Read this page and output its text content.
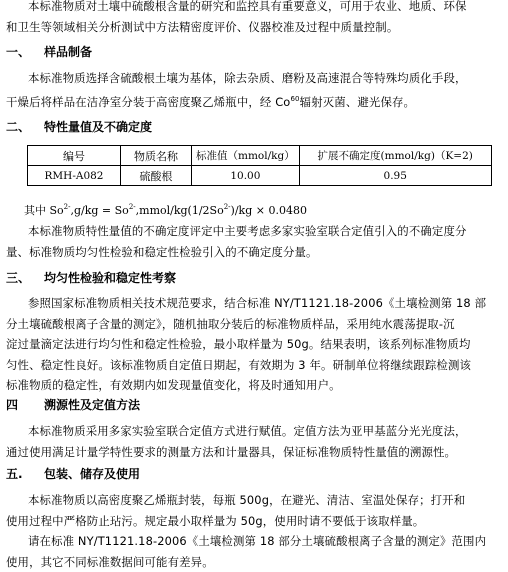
本标准物质对土壤中硫酸根含量的研究和监控具有重要意义，可用于农业、地质、环保
和卫生等领域相关分析测试中方法精密度评价、仪器校准及过程中质量控制。

一、 样品制备

本标准物质选择含硫酸根土壤为基体，除去杂质、磨粉及高速混合等特殊均质化手段，
干燥后将样品在洁净室分装于高密度聚乙烯瓶中，经 Co$^{60}$辐射灭菌、避光保存。

二、 特性量值及不确定度
编号	物质名称	标准值（mmol/kg）	扩展不确定度(mmol/kg)（K=2)
RMH-A082	硫酸根	10.00	0.95
其中 $So^{2-},g/kg$ = $So^{2-},mmol/kg(1/2So^{2-})/kg \times 0.0480$

本标准物质特性量值的不确定度评定中主要考虑多家实验室联合定值引入的不确定度分
量、标准物质均匀性检验和稳定性检验引入的不确定度分量。

三、 均匀性检验和稳定性考察

参照国家标准物质相关技术规范要求，结合标准 NY/T1121.18-2006《土壤检测第 18 部
分土壤硫酸根离子含量的测定》，随机抽取分装后的标准物质样品，采用纯水震荡提取-沉
淀过量滴定法进行均匀性和稳定性检验，最小取样量为 50g。结果表明，该系列标准物质均
匀性、稳定性良好。该标准物质自定值日期起，有效期为 3 年。研制单位将继续跟踪检测该
标准物质的稳定性，有效期内如发现量值变化，将及时通知用户。

四 溯源性及定值方法

本标准物质采用多家实验室联合定值方式进行赋值。定值方法为亚甲基蓝分光光度法，
通过使用满足计量学特性要求的测量方法和计量器具，保证标准物质特性量值的溯源性。

五. 包装、储存及使用

本标准物质以高密度聚乙烯瓶封装，每瓶 500g，在避光、清洁、室温处保存；打开和
使用过程中严格防止玷污。规定最小取样量为 50g，使用时请不要低于该取样量。
请在标准 NY/T1121.18-2006《土壤检测第 18 部分土壤硫酸根离子含量的测定》范围内
使用，其它不同标准数据间可能有差异。
